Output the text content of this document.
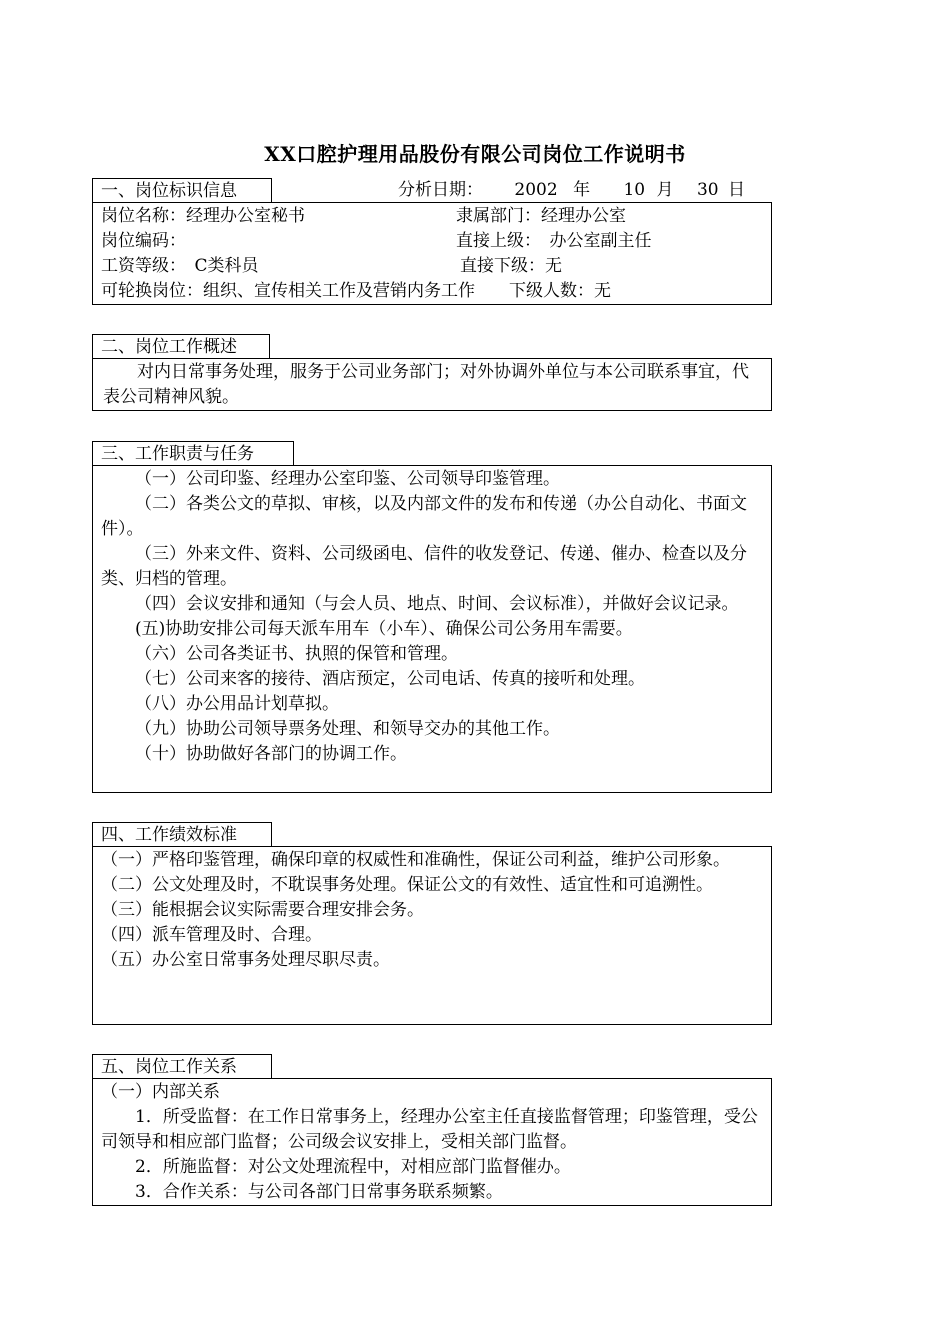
XX口腔护理用品股份有限公司岗位工作说明书
一、岗位标识信息	分析日期： 2002 年 10 月 30 日
岗位名称：经理办公室秘书	隶属部门：经理办公室
岗位编码：	直接上级：　办公室副主任
工资等级：　C类科员	直接下级：无
可轮换岗位：组织、宣传相关工作及营销内务工作　　下级人数：无
二、岗位工作概述
对内日常事务处理，服务于公司业务部门；对外协调外单位与本公司联系事宜，代表公司精神风貌。
三、工作职责与任务
（一）公司印鉴、经理办公室印鉴、公司领导印鉴管理。
（二）各类公文的草拟、审核，以及内部文件的发布和传递（办公自动化、书面文件）。
（三）外来文件、资料、公司级函电、信件的收发登记、传递、催办、检查以及分类、归档的管理。
（四）会议安排和通知（与会人员、地点、时间、会议标准），并做好会议记录。
(五)协助安排公司每天派车用车（小车）、确保公司公务用车需要。
（六）公司各类证书、执照的保管和管理。
（七）公司来客的接待、酒店预定，公司电话、传真的接听和处理。
（八）办公用品计划草拟。
（九）协助公司领导票务处理、和领导交办的其他工作。
（十）协助做好各部门的协调工作。
四、工作绩效标准
（一）严格印鉴管理，确保印章的权威性和准确性，保证公司利益，维护公司形象。
（二）公文处理及时，不耽误事务处理。保证公文的有效性、适宜性和可追溯性。
（三）能根据会议实际需要合理安排会务。
（四）派车管理及时、合理。
（五）办公室日常事务处理尽职尽责。
五、岗位工作关系
（一）内部关系
1．所受监督：在工作日常事务上，经理办公室主任直接监督管理；印鉴管理，受公司领导和相应部门监督；公司级会议安排上，受相关部门监督。
2．所施监督：对公文处理流程中，对相应部门监督催办。
3．合作关系：与公司各部门日常事务联系频繁。
